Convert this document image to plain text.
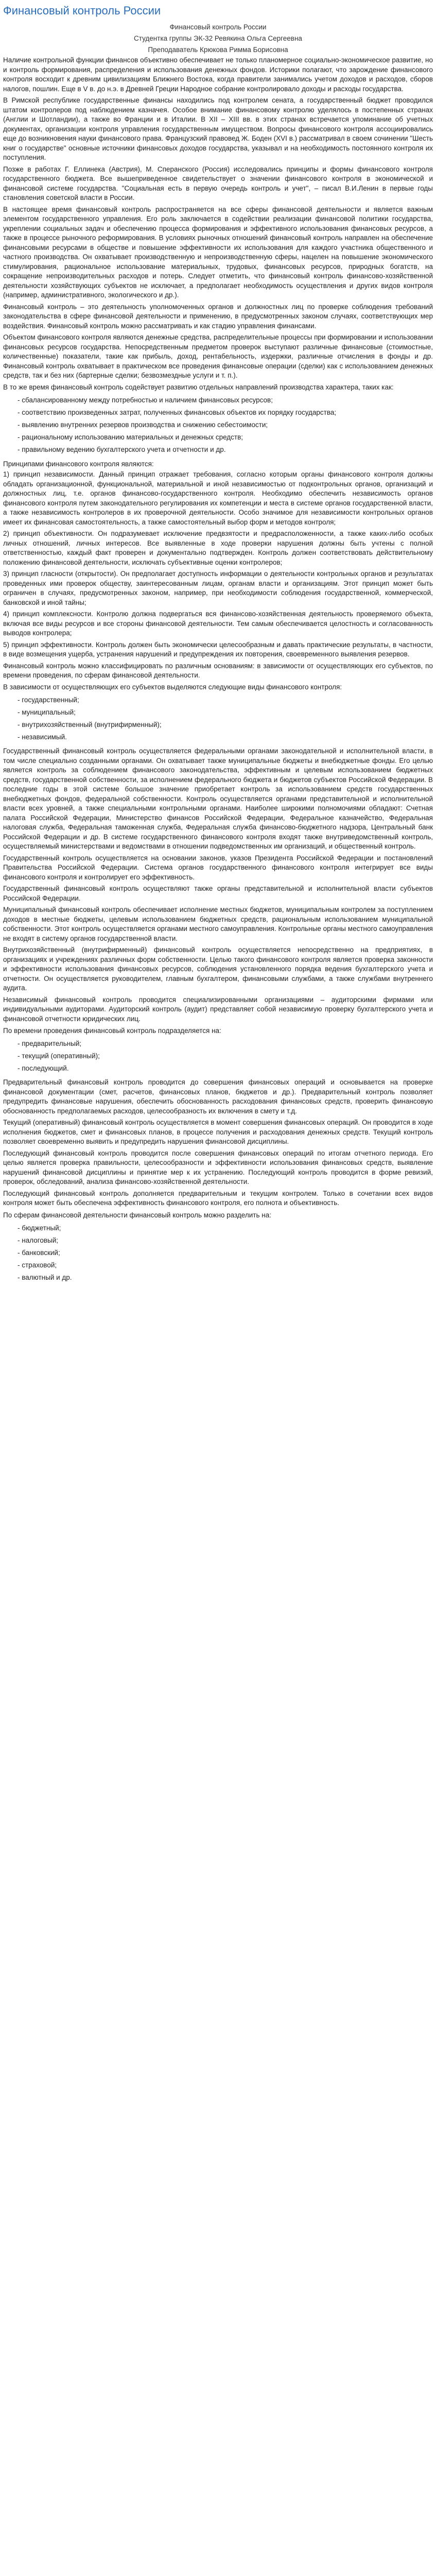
Финансовый контроль России

Финансовый контроль России

Студентка группы ЭК-32 Ревякина Ольга Сергеевна

Преподаватель Крюкова Римма Борисовна

Наличие контрольной функции финансов объективно обеспечивает не только планомерное социально-экономическое развитие, но и контроль формирования, распределения и использования денежных фондов. Историки полагают, что зарождение финансового контроля восходит к древним цивилизациям Ближнего Востока, когда правители занимались учетом доходов и расходов, сборов налогов, пошлин. Еще в V в. до н.э. в Древней Греции Народное собрание контролировало доходы и расходы государства.

В Римской республике государственные финансы находились под контролем сената, а государственный бюджет проводился штатом контролеров под наблюдением казначея. Особое внимание финансовому контролю уделялось в постепенных странах (Англии и Шотландии), а также во Франции и в Италии. В XII – XIII вв. в этих странах встречается упоминание об учетных документах, организации контроля управления государственным имуществом. Вопросы финансового контроля ассоциировались еще до возникновения науки финансового права. Французский правовед Ж. Боден (XVI в.) рассматривал в своем сочинении "Шесть книг о государстве" основные источники финансовых доходов государства, указывал и на необходимость постоянного контроля их поступления.

Позже в работах Г. Еллинека (Австрия), М. Сперанского (Россия) исследовались принципы и формы финансового контроля государственного бюджета. Все вышеприведенное свидетельствует о значении финансового контроля в экономической и финансовой системе государства. "Социальная есть в первую очередь контроль и учет", – писал В.И.Ленин в первые годы становления советской власти в России.

В настоящее время финансовый контроль распространяется на все сферы финансовой деятельности и является важным элементом государственного управления. Его роль заключается в содействии реализации финансовой политики государства, укреплении социальных задач и обеспечению процесса формирования и эффективного использования финансовых ресурсов, а также в процессе рыночного реформирования. В условиях рыночных отношений финансовый контроль направлен на обеспечение финансовыми ресурсами в обществе и повышение эффективности их использования для каждого участника общественного и частного производства. Он охватывает производственную и непроизводственную сферы, нацелен на повышение экономического стимулирования, рациональное использование материальных, трудовых, финансовых ресурсов, природных богатств, на сокращение непроизводительных расходов и потерь. Следует отметить, что финансовый контроль финансово-хозяйственной деятельности хозяйствующих субъектов не исключает, а предполагает необходимость осуществления и других видов контроля (например, административного, экологического и др.).

Финансовый контроль – это деятельность уполномоченных органов и должностных лиц по проверке соблюдения требований законодательства в сфере финансовой деятельности и применению, в предусмотренных законом случаях, соответствующих мер воздействия. Финансовый контроль можно рассматривать и как стадию управления финансами.

Объектом финансового контроля являются денежные средства, распределительные процессы при формировании и использовании финансовых ресурсов государства. Непосредственным предметом проверок выступают различные финансовые (стоимостные, количественные) показатели, такие как прибыль, доход, рентабельность, издержки, различные отчисления в фонды и др. Финансовый контроль охватывает в практическом все проведения финансовые операции (сделки) как с использованием денежных средств, так и без них (бартерные сделки; безвозмездные услуги и т. п.).

В то же время финансовый контроль содействует развитию отдельных направлений производства характера, таких как:

- сбалансированному между потребностью и наличием финансовых ресурсов;
- соответствию произведенных затрат, полученных финансовых объектов их порядку государства;
- выявлению внутренних резервов производства и снижению себестоимости;
- рациональному использованию материальных и денежных средств;
- правильному ведению бухгалтерского учета и отчетности и др.

Принципами финансового контроля являются:

1) принцип независимости. Данный принцип отражает требования, согласно которым органы финансового контроля должны обладать организационной, функциональной, материальной и иной независимостью от подконтрольных органов, организаций и должностных лиц, т.е. органов финансово-государственного контроля. Необходимо обеспечить независимость органов финансового контроля путем законодательного регулирования их компетенции и места в системе органов государственной власти, а также независимость контролеров в их проверочной деятельности. Особо значимое для независимости контрольных органов имеет их финансовая самостоятельность, а также самостоятельный выбор форм и методов контроля;

2) принцип объективности. Он подразумевает исключение предвзятости и предрасположенности, а также каких-либо особых личных отношений, личных интересов. Все выявленные в ходе проверки нарушения должны быть учтены с полной ответственностью, каждый факт проверен и документально подтвержден. Контроль должен соответствовать действительному положению финансовой деятельности, исключать субъективные оценки контролеров;

3) принцип гласности (открытости). Он предполагает доступность информации о деятельности контрольных органов и результатах проведенных ими проверок обществу, заинтересованным лицам, органам власти и организациям. Этот принцип может быть ограничен в случаях, предусмотренных законом, например, при необходимости соблюдения государственной, коммерческой, банковской и иной тайны;

4) принцип комплексности. Контролю должна подвергаться вся финансово-хозяйственная деятельность проверяемого объекта, включая все виды ресурсов и все стороны финансовой деятельности. Тем самым обеспечивается целостность и согласованность выводов контролера;

5) принцип эффективности. Контроль должен быть экономически целесообразным и давать практические результаты, в частности, в виде возмещения ущерба, устранения нарушений и предупреждения их повторения, своевременного выявления резервов.

Финансовый контроль можно классифицировать по различным основаниям: в зависимости от осуществляющих его субъектов, по времени проведения, по сферам финансовой деятельности.

В зависимости от осуществляющих его субъектов выделяются следующие виды финансового контроля:

- государственный;
- муниципальный;
- внутрихозяйственный (внутрифирменный);
- независимый.

Государственный финансовый контроль осуществляется федеральными органами законодательной и исполнительной власти, в том числе специально созданными органами. Он охватывает также муниципальные бюджеты и внебюджетные фонды. Его целью является контроль за соблюдением финансового законодательства, эффективным и целевым использованием бюджетных средств, государственной собственности, за исполнением федерального бюджета и бюджетов субъектов Российской Федерации. В последние годы в этой системе большое значение приобретает контроль за использованием средств государственных внебюджетных фондов, федеральной собственности. Контроль осуществляется органами представительной и исполнительной власти всех уровней, а также специальными контрольными органами. Наиболее широкими полномочиями обладают: Счетная палата Российской Федерации, Министерство финансов Российской Федерации, Федеральное казначейство, Федеральная налоговая служба, Федеральная таможенная служба, Федеральная служба финансово-бюджетного надзора, Центральный банк Российской Федерации и др. В системе государственного финансового контроля входят также внутриведомственный контроль, осуществляемый министерствами и ведомствами в отношении подведомственных им организаций, и общественный контроль.

Государственный контроль осуществляется на основании законов, указов Президента Российской Федерации и постановлений Правительства Российской Федерации. Система органов государственного финансового контроля интегрирует все виды финансового контроля и контролирует его эффективность.

Государственный финансовый контроль осуществляют также органы представительной и исполнительной власти субъектов Российской Федерации.

Муниципальный финансовый контроль обеспечивает исполнение местных бюджетов, муниципальным контролем за поступлением доходов в местные бюджеты, целевым использованием бюджетных средств, рациональным использованием муниципальной собственности. Этот контроль осуществляется органами местного самоуправления. Контрольные органы местного самоуправления не входят в систему органов государственной власти.

Внутрихозяйственный (внутрифирменный) финансовый контроль осуществляется непосредственно на предприятиях, в организациях и учреждениях различных форм собственности. Целью такого финансового контроля является проверка законности и эффективности использования финансовых ресурсов, соблюдения установленного порядка ведения бухгалтерского учета и отчетности. Он осуществляется руководителем, главным бухгалтером, финансовыми службами, а также службами внутреннего аудита.

Независимый финансовый контроль проводится специализированными организациями – аудиторскими фирмами или индивидуальными аудиторами. Аудиторский контроль (аудит) представляет собой независимую проверку бухгалтерского учета и финансовой отчетности юридических лиц.

По времени проведения финансовый контроль подразделяется на:

- предварительный;
- текущий (оперативный);
- последующий.

Предварительный финансовый контроль проводится до совершения финансовых операций и основывается на проверке финансовой документации (смет, расчетов, финансовых планов, бюджетов и др.). Предварительный контроль позволяет предупредить финансовые нарушения, обеспечить обоснованность расходования финансовых средств, проверить финансовую обоснованность предполагаемых расходов, целесообразность их включения в смету и т.д.

Текущий (оперативный) финансовый контроль осуществляется в момент совершения финансовых операций. Он проводится в ходе исполнения бюджетов, смет и финансовых планов, в процессе получения и расходования денежных средств. Текущий контроль позволяет своевременно выявить и предупредить нарушения финансовой дисциплины.

Последующий финансовый контроль проводится после совершения финансовых операций по итогам отчетного периода. Его целью является проверка правильности, целесообразности и эффективности использования финансовых средств, выявление нарушений финансовой дисциплины и принятие мер к их устранению. Последующий контроль проводится в форме ревизий, проверок, обследований, анализа финансово-хозяйственной деятельности.

Последующий финансовый контроль дополняется предварительным и текущим контролем. Только в сочетании всех видов контроля может быть обеспечена эффективность финансового контроля, его полнота и объективность.

По сферам финансовой деятельности финансовый контроль можно разделить на:

- бюджетный;
- налоговый;
- банковский;
- страховой;
- валютный и др.
